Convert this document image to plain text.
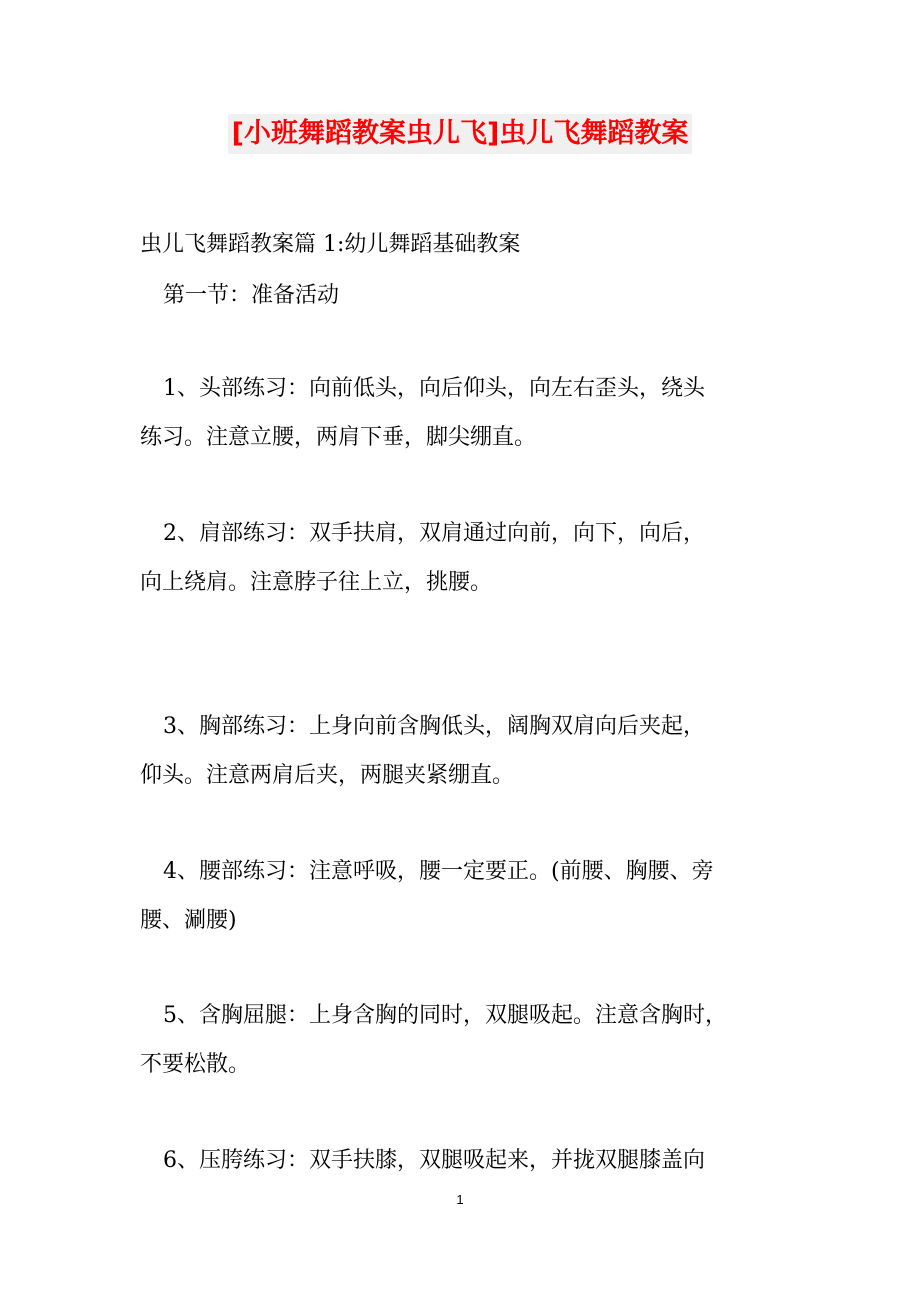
[小班舞蹈教案虫儿飞]虫儿飞舞蹈教案
虫儿飞舞蹈教案篇 1:幼儿舞蹈基础教案
第一节：准备活动
1、头部练习：向前低头，向后仰头，向左右歪头，绕头
练习。注意立腰，两肩下垂，脚尖绷直。
2、肩部练习：双手扶肩，双肩通过向前，向下，向后，
向上绕肩。注意脖子往上立，挑腰。
3、胸部练习：上身向前含胸低头，阔胸双肩向后夹起，
仰头。注意两肩后夹，两腿夹紧绷直。
4、腰部练习：注意呼吸，腰一定要正。(前腰、胸腰、旁
腰、涮腰)
5、含胸屈腿：上身含胸的同时，双腿吸起。注意含胸时，
不要松散。
6、压胯练习：双手扶膝，双腿吸起来，并拢双腿膝盖向
1
